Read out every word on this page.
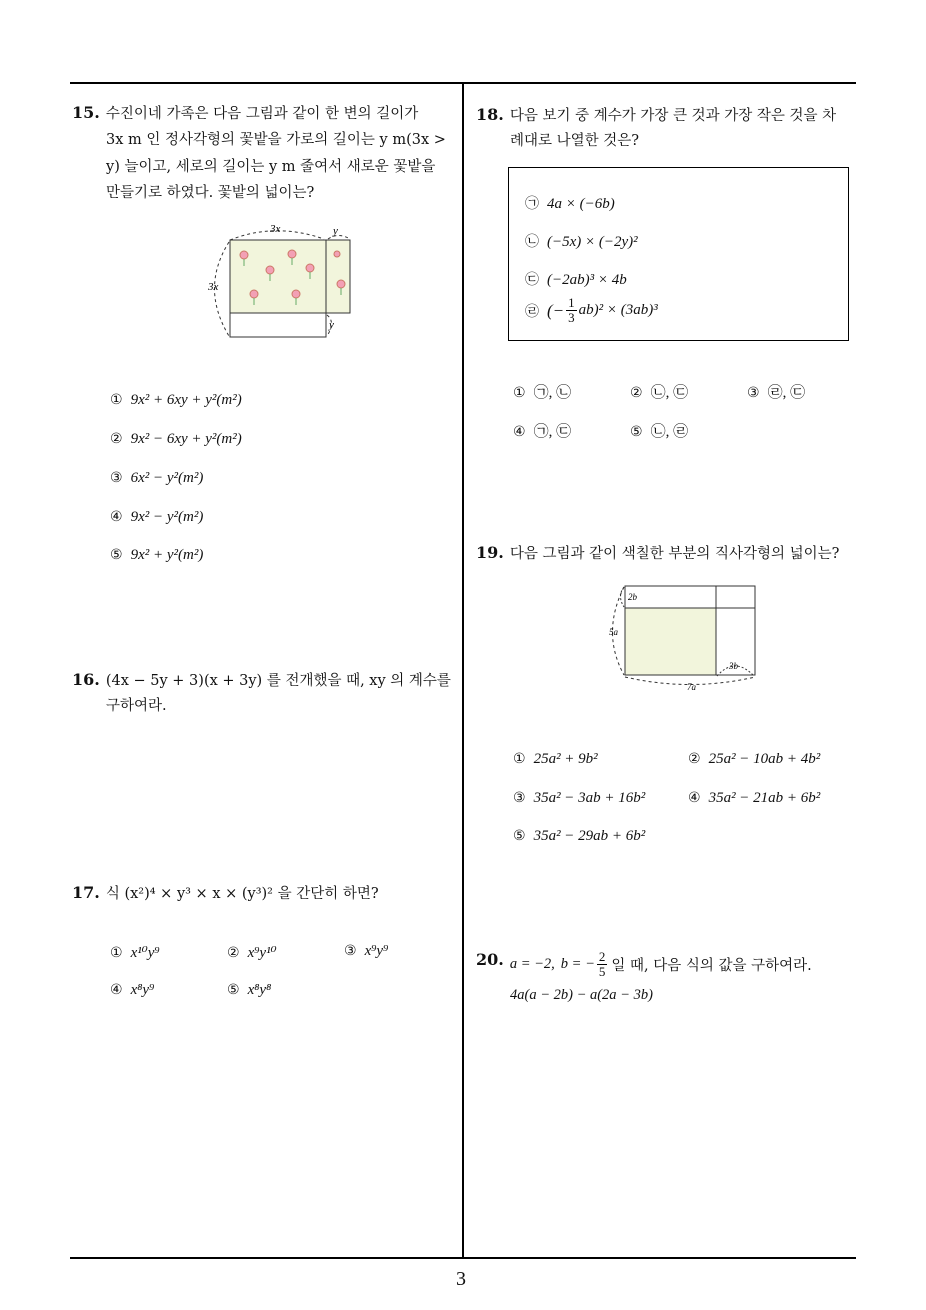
3
15. 수진이네 가족은 다음 그림과 같이 한 변의 길이가
3x m 인 정사각형의 꽃밭을 가로의 길이는 y m(3x >
y) 늘이고, 세로의 길이는 y m 줄여서 새로운 꽃밭을
만들기로 하였다. 꽃밭의 넓이는?
3x	y
3x
y
① 9x² + 6xy + y²(m²)
② 9x² − 6xy + y²(m²)
③ 6x² − y²(m²)
④ 9x² − y²(m²)
⑤ 9x² + y²(m²)
16. (4x − 5y + 3)(x + 3y) 를 전개했을 때, xy 의 계수를
구하여라.
17. 식 (x²)⁴ × y³ × x × (y³)² 을 간단히 하면?
① x¹⁰y⁹	② x⁹y¹⁰	③ x⁹y⁹
④ x⁸y⁹	⑤ x⁸y⁸
18. 다음 보기 중 계수가 가장 큰 것과 가장 작은 것을 차
례대로 나열한 것은?
㉠ 4a × (−6b)
㉡ (−5x) × (−2y)²
㉢ (−2ab)³ × 4b
㉣ (− $\frac{1}{3} ab)^2 \times (3ab)^3$
① ㉠, ㉡	② ㉡, ㉢	③ ㉣, ㉢
④ ㉠, ㉢	⑤ ㉡, ㉣
19. 다음 그림과 같이 색칠한 부분의 직사각형의 넓이는?
2b
5a
3b
7a
① 25a² + 9b²	② 25a² − 10ab + 4b²
③ 35a² − 3ab + 16b²	④ 35a² − 21ab + 6b²
⑤ 35a² − 29ab + 6b²
20. a = −2, b = − $\frac{2}{5}$ 일 때, 다음 식의 값을 구하여라.
4a(a − 2b) − a(2a − 3b)
